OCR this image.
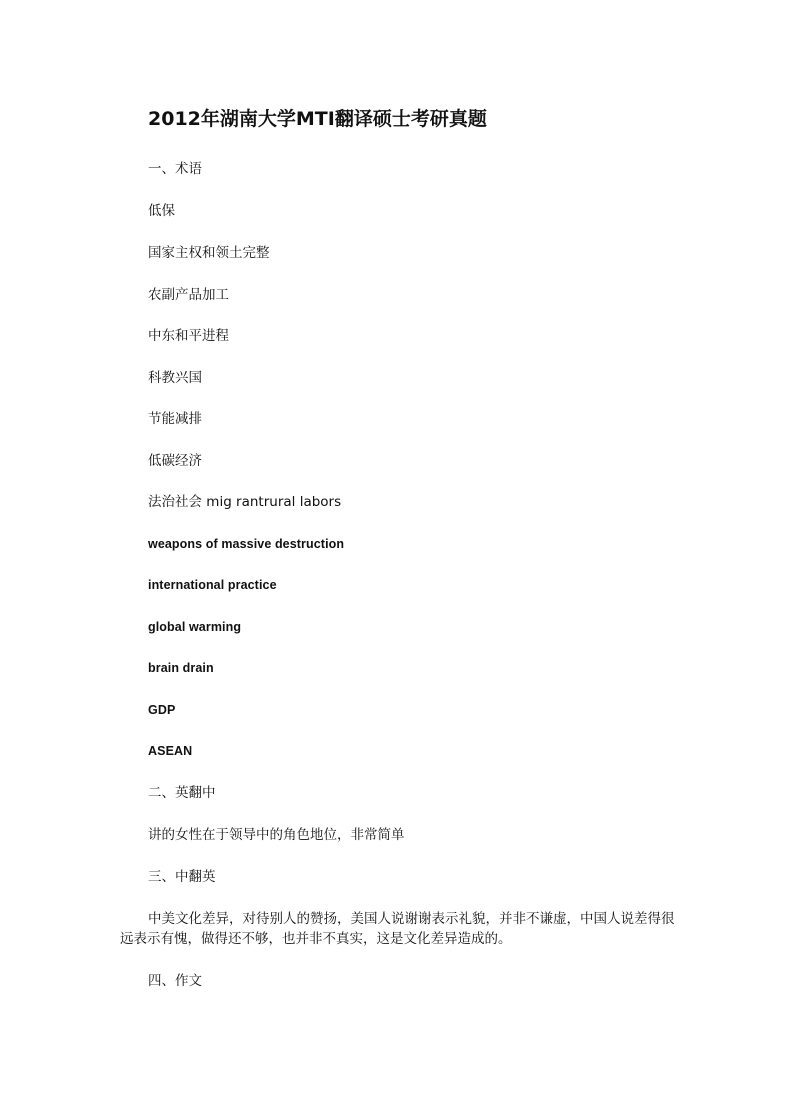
2012年湖南大学MTI翻译硕士考研真题
一、术语
低保
国家主权和领土完整
农副产品加工
中东和平进程
科教兴国
节能减排
低碳经济
法治社会 mig rantrural labors
weapons of massive destruction
international practice
global warming
brain drain
GDP
ASEAN
二、英翻中
讲的女性在于领导中的角色地位，非常简单
三、中翻英
中美文化差异，对待别人的赞扬，美国人说谢谢表示礼貌，并非不谦虚，中国人说差得很远表示有愧，做得还不够，也并非不真实，这是文化差异造成的。
四、作文
